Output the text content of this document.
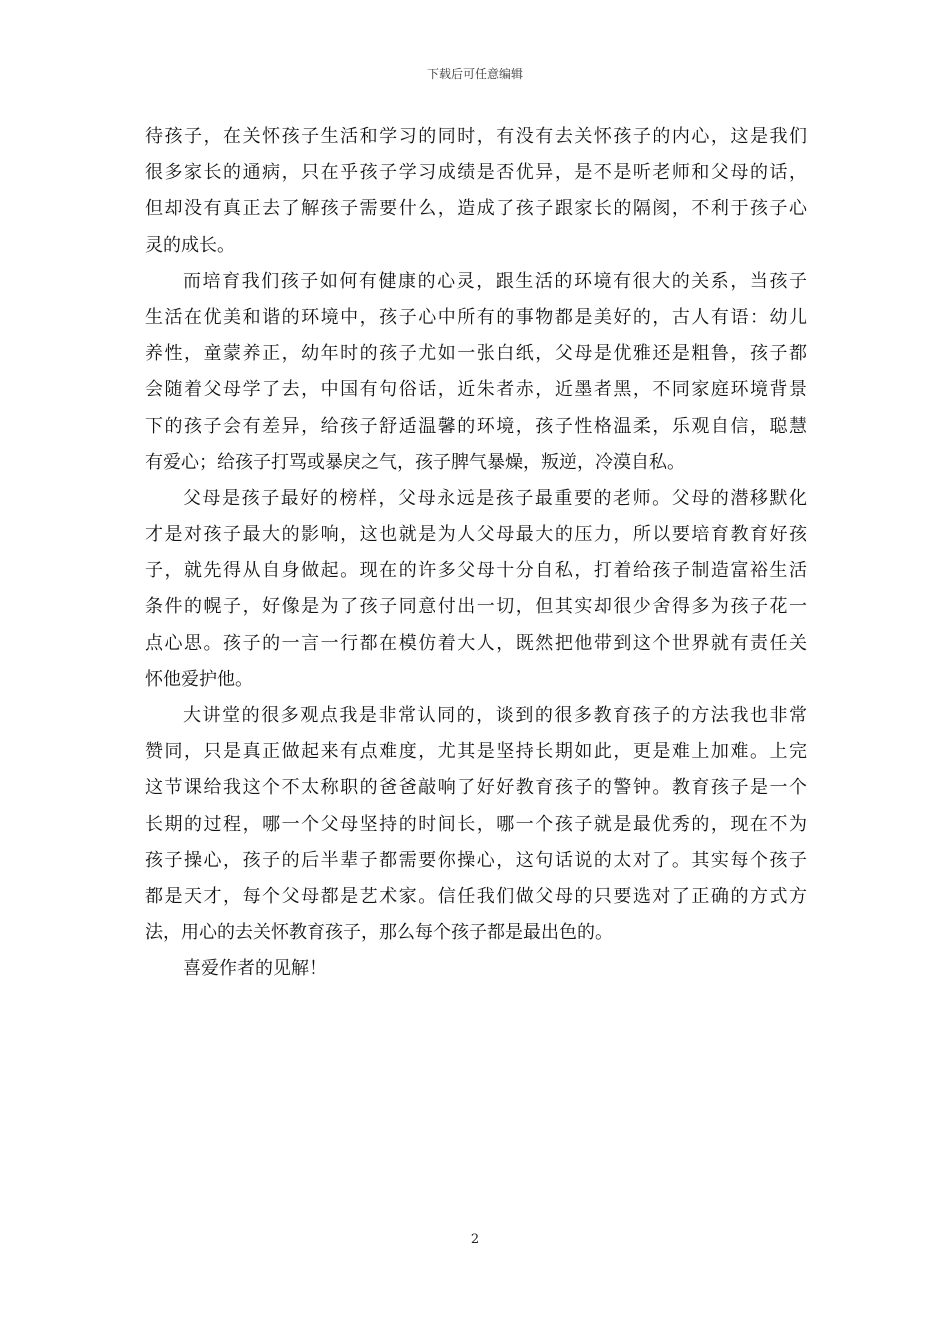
下载后可任意编辑
待孩子，在关怀孩子生活和学习的同时，有没有去关怀孩子的内心，这是我们
很多家长的通病，只在乎孩子学习成绩是否优异，是不是听老师和父母的话，
但却没有真正去了解孩子需要什么，造成了孩子跟家长的隔阂，不利于孩子心
灵的成长。
而培育我们孩子如何有健康的心灵，跟生活的环境有很大的关系，当孩子
生活在优美和谐的环境中，孩子心中所有的事物都是美好的，古人有语：幼儿
养性，童蒙养正，幼年时的孩子尤如一张白纸，父母是优雅还是粗鲁，孩子都
会随着父母学了去，中国有句俗话，近朱者赤，近墨者黑，不同家庭环境背景
下的孩子会有差异，给孩子舒适温馨的环境，孩子性格温柔，乐观自信，聪慧
有爱心；给孩子打骂或暴戾之气，孩子脾气暴燥，叛逆，冷漠自私。
父母是孩子最好的榜样，父母永远是孩子最重要的老师。父母的潜移默化
才是对孩子最大的影响，这也就是为人父母最大的压力，所以要培育教育好孩
子，就先得从自身做起。现在的许多父母十分自私，打着给孩子制造富裕生活
条件的幌子，好像是为了孩子同意付出一切，但其实却很少舍得多为孩子花一
点心思。孩子的一言一行都在模仿着大人，既然把他带到这个世界就有责任关
怀他爱护他。
大讲堂的很多观点我是非常认同的，谈到的很多教育孩子的方法我也非常
赞同，只是真正做起来有点难度，尤其是坚持长期如此，更是难上加难。上完
这节课给我这个不太称职的爸爸敲响了好好教育孩子的警钟。教育孩子是一个
长期的过程，哪一个父母坚持的时间长，哪一个孩子就是最优秀的，现在不为
孩子操心，孩子的后半辈子都需要你操心，这句话说的太对了。其实每个孩子
都是天才，每个父母都是艺术家。信任我们做父母的只要选对了正确的方式方
法，用心的去关怀教育孩子，那么每个孩子都是最出色的。
喜爱作者的见解！
2
